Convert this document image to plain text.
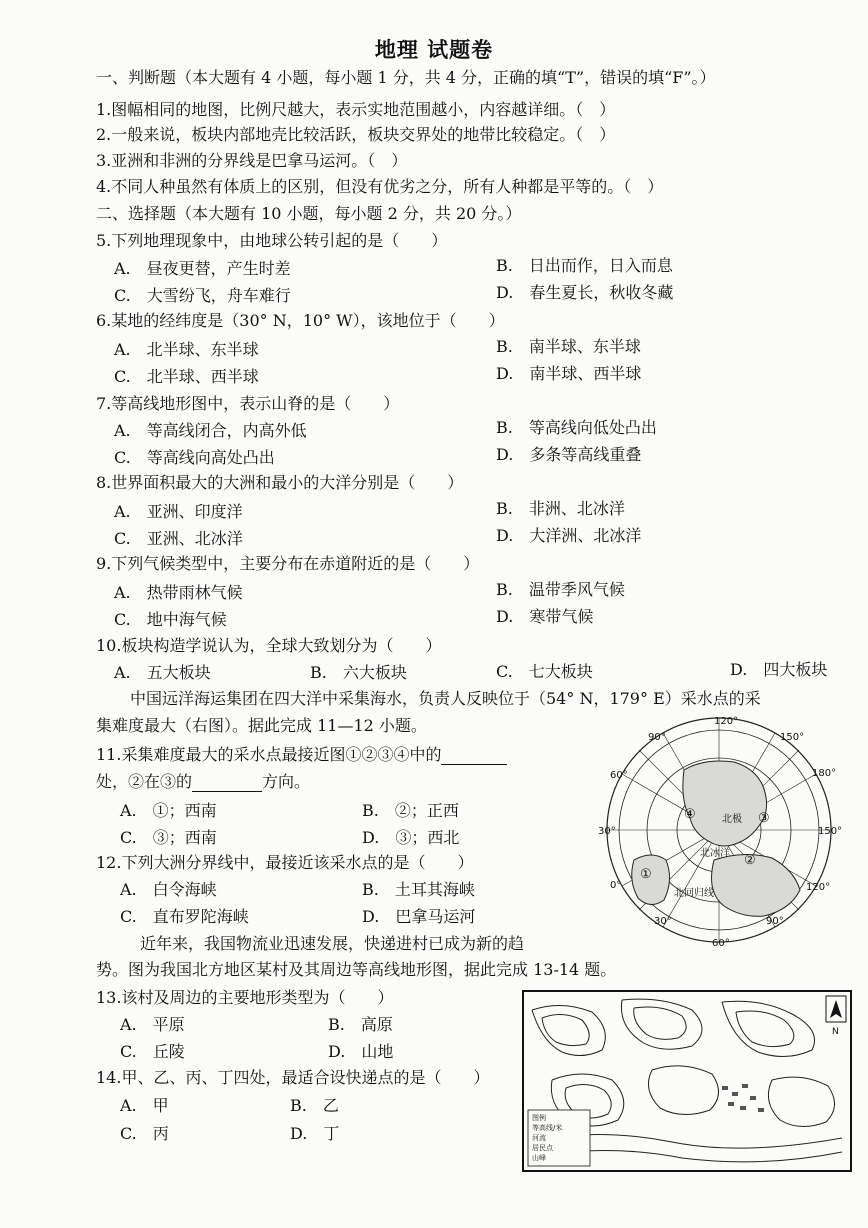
地理 试题卷
一、判断题（本大题有 4 小题，每小题 1 分，共 4 分，正确的填“T”，错误的填“F”。）
1.图幅相同的地图，比例尺越大，表示实地范围越小，内容越详细。（　）
2.一般来说，板块内部地壳比较活跃，板块交界处的地带比较稳定。（　）
3.亚洲和非洲的分界线是巴拿马运河。（　）
4.不同人种虽然有体质上的区别，但没有优劣之分，所有人种都是平等的。（　）
二、选择题（本大题有 10 小题，每小题 2 分，共 20 分。）
5.下列地理现象中，由地球公转引起的是（　　）
A.　昼夜更替，产生时差	B.　日出而作，日入而息
C.　大雪纷飞，舟车难行	D.　春生夏长，秋收冬藏
6.某地的经纬度是（30° N，10° W），该地位于（　　）
A.　北半球、东半球	B.　南半球、东半球
C.　北半球、西半球	D.　南半球、西半球
7.等高线地形图中，表示山脊的是（　　）
A.　等高线闭合，内高外低	B.　等高线向低处凸出
C.　等高线向高处凸出	D.　多条等高线重叠
8.世界面积最大的大洲和最小的大洋分别是（　　）
A.　亚洲、印度洋	B.　非洲、北冰洋
C.　亚洲、北冰洋	D.　大洋洲、北冰洋
9.下列气候类型中，主要分布在赤道附近的是（　　）
A.　热带雨林气候	B.　温带季风气候
C.　地中海气候	D.　寒带气候
10.板块构造学说认为，全球大致划分为（　　）
A.　五大板块	B.　六大板块	C.　七大板块	D.　四大板块
中国远洋海运集团在四大洋中采集海水，负责人反映位于（54° N，179° E）采水点的采
集难度最大（右图）。据此完成 11—12 小题。
11.采集难度最大的采水点最接近图①②③④中的
处，②在③的	方向。
A.　①；西南	B.　②；正西
C.　③；西南	D.　③；西北
12.下列大洲分界线中，最接近该采水点的是（　　）
A.　白令海峡	B.　土耳其海峡
C.　直布罗陀海峡	D.　巴拿马运河
近年来，我国物流业迅速发展，快递进村已成为新的趋
势。图为我国北方地区某村及其周边等高线地形图，据此完成 13-14 题。
13.该村及周边的主要地形类型为（　　）
A.　平原	B.　高原
C.　丘陵	D.　山地
14.甲、乙、丙、丁四处，最适合设快递点的是（　　）
A.　甲	B.　乙
C.　丙	D.　丁
120°
150°
180°
150°
120°
90°
60°
30°
0°
30°
60°
90°
①
②
③
④	北极
北冰洋
北回归线
N
图例
等高线/米
河流
居民点
山峰
